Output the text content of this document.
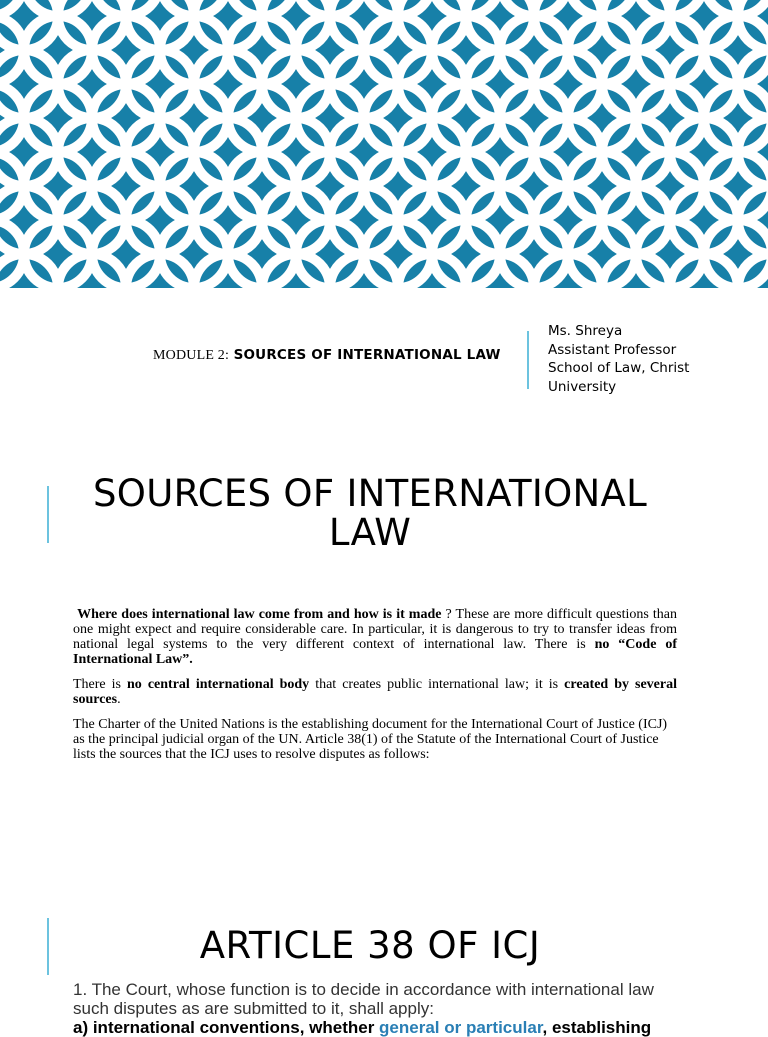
MODULE 2: SOURCES OF INTERNATIONAL LAW
Ms. Shreya
Assistant Professor
School of Law, Christ
University
SOURCES OF INTERNATIONAL LAW

Where does international law come from and how is it made ? These are more difficult questions than one might expect and require considerable care. In particular, it is dangerous to try to transfer ideas from national legal systems to the very different context of international law. There is no “Code of International Law”.

There is no central international body that creates public international law; it is created by several sources.

The Charter of the United Nations is the establishing document for the International Court of Justice (ICJ) as the principal judicial organ of the UN. Article 38(1) of the Statute of the International Court of Justice lists the sources that the ICJ uses to resolve disputes as follows:

ARTICLE 38 OF ICJ
1. The Court, whose function is to decide in accordance with international law such disputes as are submitted to it, shall apply:
a) international conventions, whether general or particular, establishing
